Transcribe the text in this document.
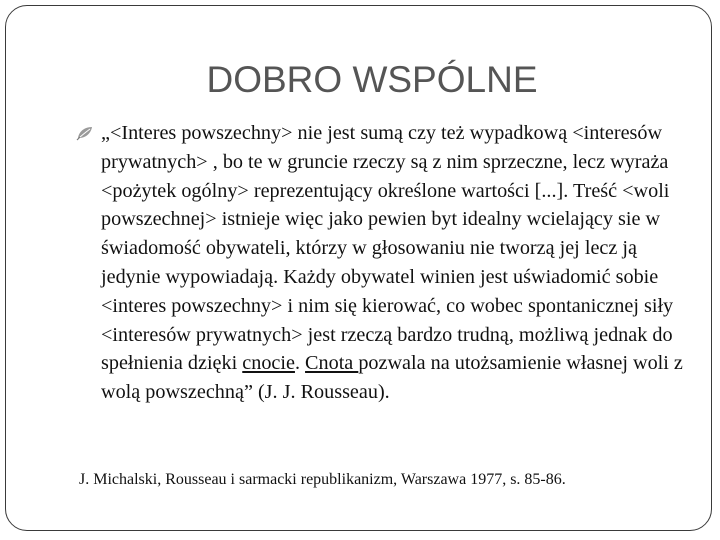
DOBRO WSPÓLNE

„<Interes powszechny> nie jest sumą czy też wypadkową <interesów prywatnych> , bo te w gruncie rzeczy są z nim sprzeczne, lecz wyraża <pożytek ogólny> reprezentujący określone wartości [...]. Treść <woli powszechnej> istnieje więc jako pewien byt idealny wcielający sie w świadomość obywateli, którzy w głosowaniu nie tworzą jej lecz ją jedynie wypowiadają. Każdy obywatel winien jest uświadomić sobie <interes powszechny> i nim się kierować, co wobec spontanicznej siły <interesów prywatnych> jest rzeczą bardzo trudną, możliwą jednak do spełnienia dzięki cnocie. Cnota pozwala na utożsamienie własnej woli z wolą powszechną” (J. J. Rousseau).

J. Michalski, Rousseau i sarmacki republikanizm, Warszawa 1977, s. 85-86.
